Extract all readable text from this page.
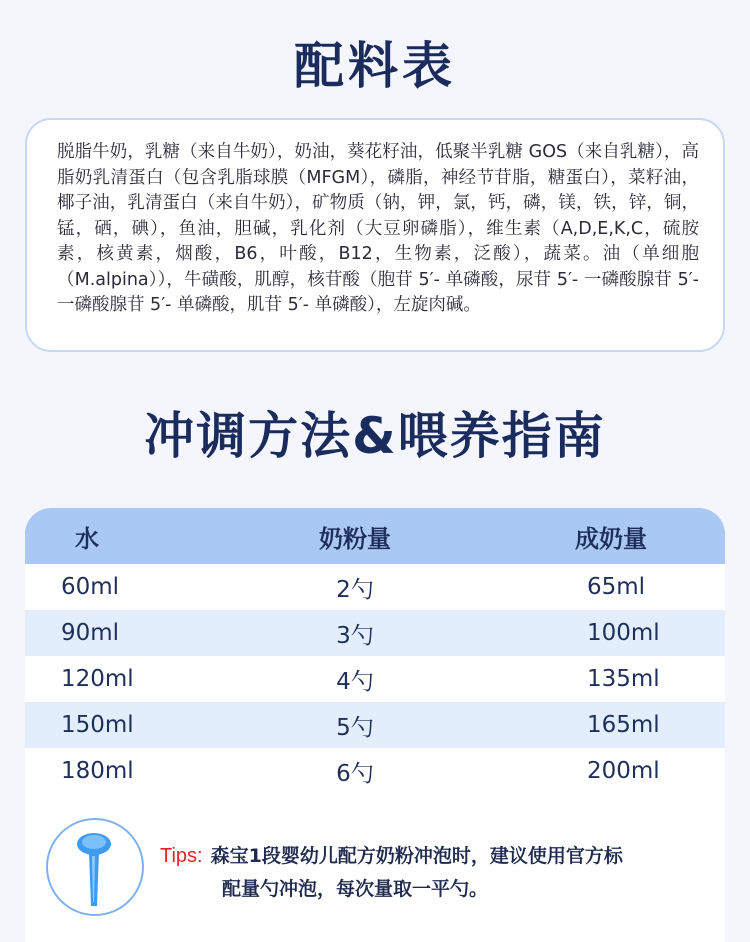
配料表

脱脂牛奶，乳糖（来自牛奶），奶油，葵花籽油，低聚半乳糖 GOS（来自乳糖），高脂奶乳清蛋白（包含乳脂球膜（MFGM），磷脂，神经节苷脂，糖蛋白），菜籽油，椰子油，乳清蛋白（来自牛奶），矿物质（钠，钾，氯，钙，磷，镁，铁，锌，铜，锰，硒，碘），鱼油，胆碱，乳化剂（大豆卵磷脂），维生素（A,D,E,K,C，硫胺素，核黄素，烟酸，B6，叶酸，B12，生物素，泛酸），蔬菜。油（单细胞（M.alpina）），牛磺酸，肌醇，核苷酸（胞苷 5′- 单磷酸，尿苷 5′- 一磷酸腺苷 5′- 一磷酸腺苷 5′- 单磷酸，肌苷 5′- 单磷酸），左旋肉碱。

冲调方法&喂养指南
水	奶粉量	成奶量
60ml	2勺	65ml
90ml	3勺	100ml
120ml	4勺	135ml
150ml	5勺	165ml
180ml	6勺	200ml
Tips: 森宝1段婴幼儿配方奶粉冲泡时，建议使用官方标
配量勺冲泡，每次量取一平勺。
